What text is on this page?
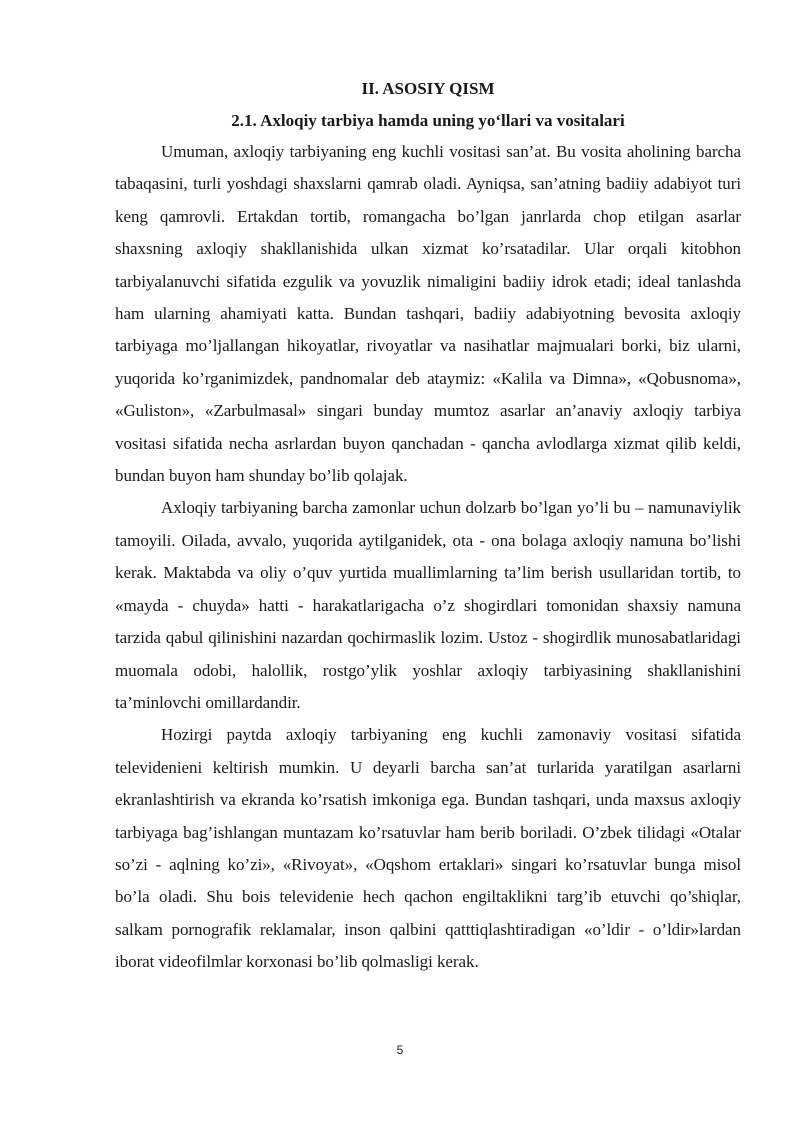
II. ASOSIY QISM

2.1. Axloqiy tarbiya hamda uning yo‘llari va vositalari

Umuman, axloqiy tarbiyaning eng kuchli vositasi san’at. Bu vosita aholining barcha tabaqasini, turli yoshdagi shaxslarni qamrab oladi. Ayniqsa, san’atning badiiy adabiyot turi keng qamrovli. Ertakdan tortib, romangacha bo’lgan janrlarda chop etilgan asarlar shaxsning axloqiy shakllanishida ulkan xizmat ko’rsatadilar. Ular orqali kitobhon tarbiyalanuvchi sifatida ezgulik va yovuzlik nimaligini badiiy idrok etadi; ideal tanlashda ham ularning ahamiyati katta. Bundan tashqari, badiiy adabiyotning bevosita axloqiy tarbiyaga mo’ljallangan hikoyatlar, rivoyatlar va nasihatlar majmualari borki, biz ularni, yuqorida ko’rganimizdek, pandnomalar deb ataymiz: «Kalila va Dimna», «Qobusnoma», «Guliston», «Zarbulmasal» singari bunday mumtoz asarlar an’anaviy axloqiy tarbiya vositasi sifatida necha asrlardan buyon qanchadan - qancha avlodlarga xizmat qilib keldi, bundan buyon ham shunday bo’lib qolajak.

Axloqiy tarbiyaning barcha zamonlar uchun dolzarb bo’lgan yo’li bu – namunaviylik tamoyili. Oilada, avvalo, yuqorida aytilganidek, ota - ona bolaga axloqiy namuna bo’lishi kerak. Maktabda va oliy o’quv yurtida muallimlarning ta’lim berish usullaridan tortib, to «mayda - chuyda» hatti - harakatlarigacha o’z shogirdlari tomonidan shaxsiy namuna tarzida qabul qilinishini nazardan qochirmaslik lozim. Ustoz - shogirdlik munosabatlaridagi muomala odobi, halollik, rostgo’ylik yoshlar axloqiy tarbiyasining shakllanishini ta’minlovchi omillardandir.

Hozirgi paytda axloqiy tarbiyaning eng kuchli zamonaviy vositasi sifatida televidenieni keltirish mumkin. U deyarli barcha san’at turlarida yaratilgan asarlarni ekranlashtirish va ekranda ko’rsatish imkoniga ega. Bundan tashqari, unda maxsus axloqiy tarbiyaga bag’ishlangan muntazam ko’rsatuvlar ham berib boriladi. O’zbek tilidagi «Otalar so’zi - aqlning ko’zi», «Rivoyat», «Oqshom ertaklari» singari ko’rsatuvlar bunga misol bo’la oladi. Shu bois televidenie hech qachon engiltaklikni targ’ib etuvchi qo’shiqlar, salkam pornografik reklamalar, inson qalbini qatttiqlashtiradigan «o’ldir - o’ldir»lardan iborat videofilmlar korxonasi bo’lib qolmasligi kerak.

5
